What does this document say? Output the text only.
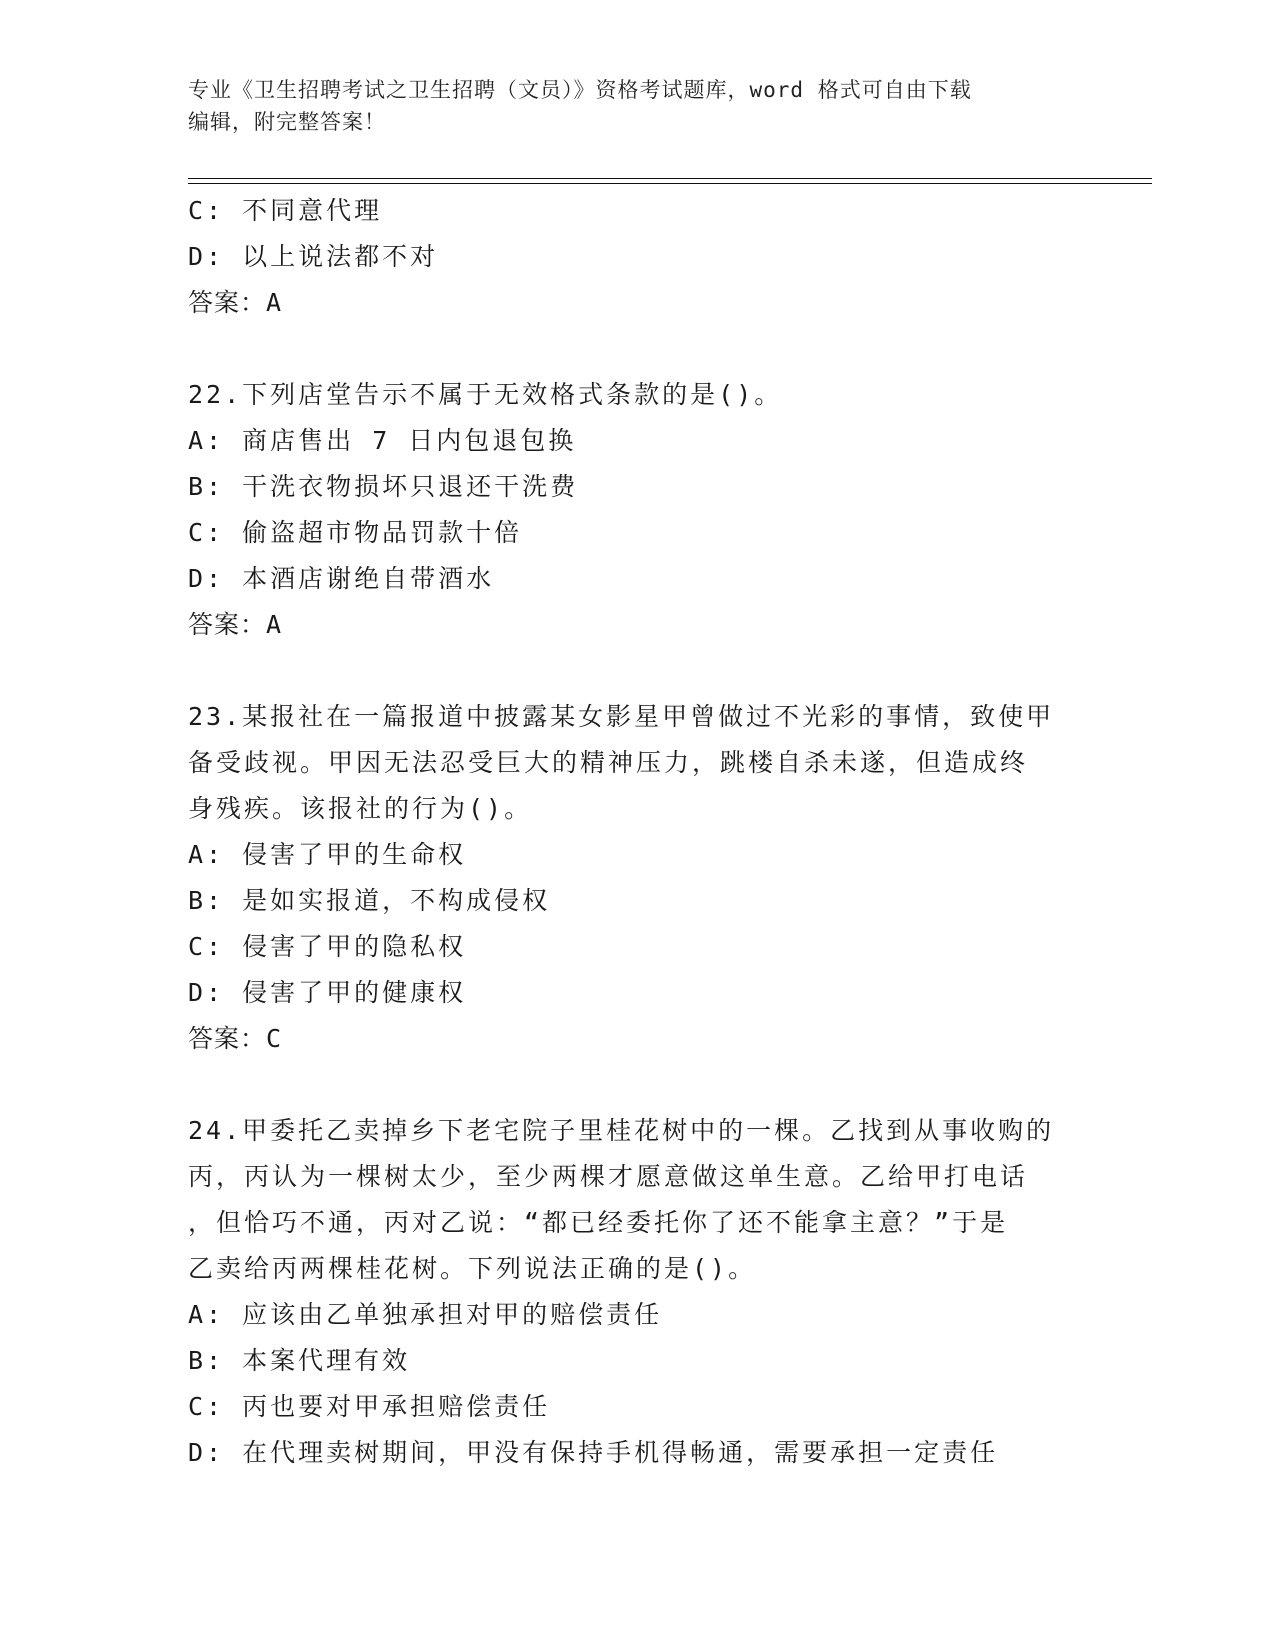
专业《卫生招聘考试之卫生招聘（文员）》资格考试题库，word 格式可自由下载
编辑，附完整答案！
C: 不同意代理
D: 以上说法都不对
答案：A
22.下列店堂告示不属于无效格式条款的是()。
A: 商店售出 7 日内包退包换
B: 干洗衣物损坏只退还干洗费
C: 偷盗超市物品罚款十倍
D: 本酒店谢绝自带酒水
答案：A
23.某报社在一篇报道中披露某女影星甲曾做过不光彩的事情，致使甲
备受歧视。甲因无法忍受巨大的精神压力，跳楼自杀未遂，但造成终
身残疾。该报社的行为()。
A: 侵害了甲的生命权
B: 是如实报道，不构成侵权
C: 侵害了甲的隐私权
D: 侵害了甲的健康权
答案：C
24.甲委托乙卖掉乡下老宅院子里桂花树中的一棵。乙找到从事收购的
丙，丙认为一棵树太少，至少两棵才愿意做这单生意。乙给甲打电话
，但恰巧不通，丙对乙说：“都已经委托你了还不能拿主意？”于是
乙卖给丙两棵桂花树。下列说法正确的是()。
A: 应该由乙单独承担对甲的赔偿责任
B: 本案代理有效
C: 丙也要对甲承担赔偿责任
D: 在代理卖树期间，甲没有保持手机得畅通，需要承担一定责任
